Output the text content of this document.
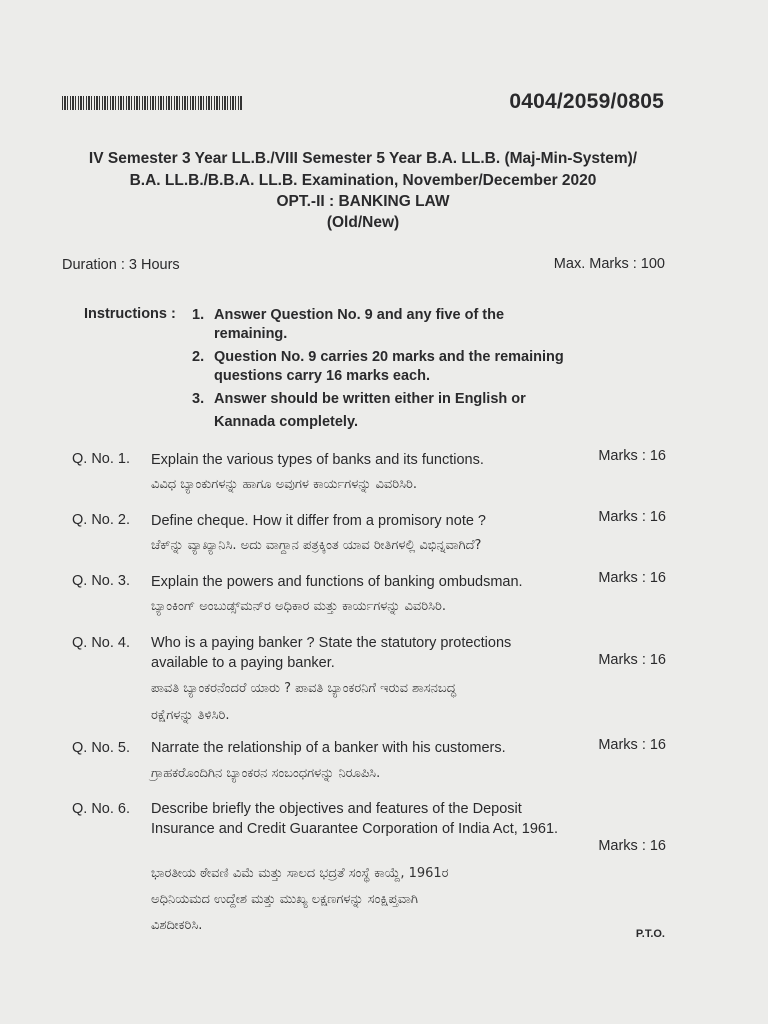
0404/2059/0805
IV Semester 3 Year LL.B./VIII Semester 5 Year B.A. LL.B. (Maj-Min-System)/
B.A. LL.B./B.B.A. LL.B. Examination, November/December 2020
OPT.-II : BANKING LAW
(Old/New)
Duration : 3 Hours	Max. Marks : 100
Instructions : 1. Answer Question No. 9 and any five of the
remaining.
2. Question No. 9 carries 20 marks and the remaining
questions carry 16 marks each.
3. Answer should be written either in English or
Kannada completely.
Q. No. 1. Explain the various types of banks and its functions.	Marks : 16
ವಿವಿಧ ಬ್ಯಾಂಕುಗಳನ್ನು ಹಾಗೂ ಅವುಗಳ ಕಾರ್ಯಗಳನ್ನು ವಿವರಿಸಿರಿ.
Q. No. 2. Define cheque. How it differ from a promisory note ?	Marks : 16
ಚೆಕ್‌ನ್ನು ವ್ಯಾಖ್ಯಾನಿಸಿ. ಅದು ವಾಗ್ದಾನ ಪತ್ರಕ್ಕಿಂತ ಯಾವ ರೀತಿಗಳಲ್ಲಿ ವಿಭಿನ್ನವಾಗಿದೆ?
Q. No. 3. Explain the powers and functions of banking ombudsman.	Marks : 16
ಬ್ಯಾಂಕಿಂಗ್ ಅಂಬುಡ್ಸ್‌ಮನ್‌ರ ಅಧಿಕಾರ ಮತ್ತು ಕಾರ್ಯಗಳನ್ನು ವಿವರಿಸಿರಿ.
Q. No. 4. Who is a paying banker ? State the statutory protections
available to a paying banker.	Marks : 16
ಪಾವತಿ ಬ್ಯಾಂಕರನೆಂದರೆ ಯಾರು ? ಪಾವತಿ ಬ್ಯಾಂಕರನಿಗೆ ಇರುವ ಶಾಸನಬದ್ಧ
ರಕ್ಷೆಗಳನ್ನು ತಿಳಿಸಿರಿ.
Q. No. 5. Narrate the relationship of a banker with his customers.	Marks : 16
ಗ್ರಾಹಕರೊಂದಿಗಿನ ಬ್ಯಾಂಕರನ ಸಂಬಂಧಗಳನ್ನು ನಿರೂಪಿಸಿ.
Q. No. 6. Describe briefly the objectives and features of the Deposit
Insurance and Credit Guarantee Corporation of India Act, 1961.
Marks : 16
ಭಾರತೀಯ ಠೇವಣಿ ವಿಮೆ ಮತ್ತು ಸಾಲದ ಭದ್ರತೆ ಸಂಸ್ಥೆ ಕಾಯ್ದೆ, 1961ರ
ಅಧಿನಿಯಮದ ಉದ್ದೇಶ ಮತ್ತು ಮುಖ್ಯ ಲಕ್ಷಣಗಳನ್ನು ಸಂಕ್ಷಿಪ್ತವಾಗಿ
ವಿಶದೀಕರಿಸಿ.
P.T.O.
